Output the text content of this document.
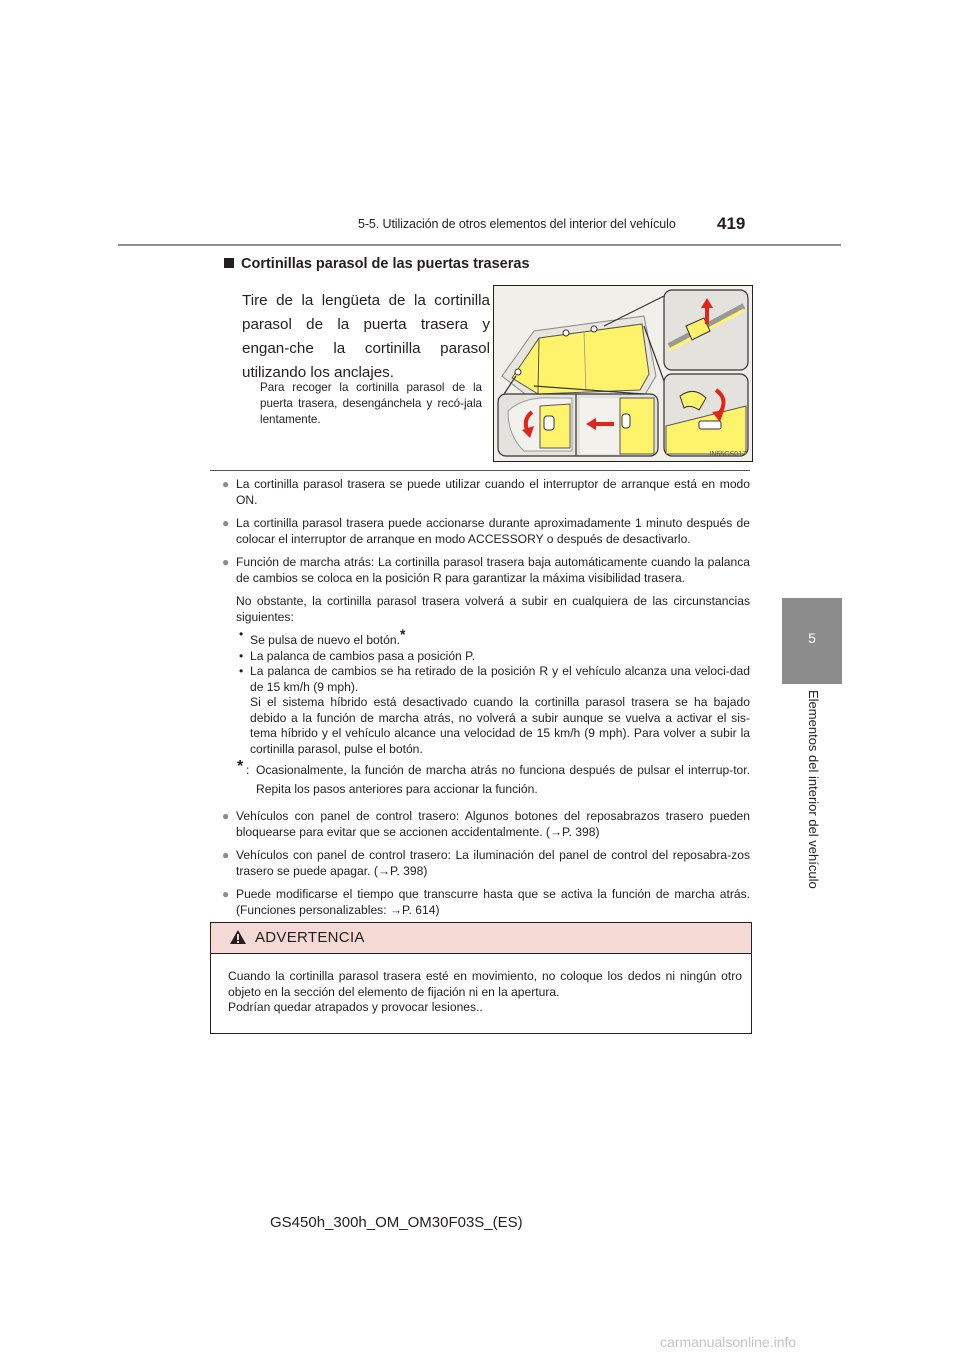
5-5. Utilización de otros elementos del interior del vehículo	419
5
Elementos del interior del vehículo
Cortinillas parasol de las puertas traseras
Tire de la lengüeta de la cortinilla parasol de la puerta trasera y engan-che la cortinilla parasol utilizando los anclajes.
Para recoger la cortinilla parasol de la puerta trasera, desengánchela y recó-jala lentamente.
IN55GS017
● La cortinilla parasol trasera se puede utilizar cuando el interruptor de arranque está en modo ON.

● La cortinilla parasol trasera puede accionarse durante aproximadamente 1 minuto después de colocar el interruptor de arranque en modo ACCESSORY o después de desactivarlo.

● Función de marcha atrás: La cortinilla parasol trasera baja automáticamente cuando la palanca de cambios se coloca en la posición R para garantizar la máxima visibilidad trasera.

No obstante, la cortinilla parasol trasera volverá a subir en cualquiera de las circunstancias siguientes:

• Se pulsa de nuevo el botón.*
• La palanca de cambios pasa a posición P.
• La palanca de cambios se ha retirado de la posición R y el vehículo alcanza una veloci-dad de 15 km/h (9 mph).
Si el sistema híbrido está desactivado cuando la cortinilla parasol trasera se ha bajado debido a la función de marcha atrás, no volverá a subir aunque se vuelva a activar el sis-tema híbrido y el vehículo alcance una velocidad de 15 km/h (9 mph). Para volver a subir la cortinilla parasol, pulse el botón.
* : Ocasionalmente, la función de marcha atrás no funciona después de pulsar el interrup-tor. Repita los pasos anteriores para accionar la función.
● Vehículos con panel de control trasero: Algunos botones del reposabrazos trasero pueden bloquearse para evitar que se accionen accidentalmente. (→P. 398)

● Vehículos con panel de control trasero: La iluminación del panel de control del reposabra-zos trasero se puede apagar. (→P. 398)

● Puede modificarse el tiempo que transcurre hasta que se activa la función de marcha atrás. (Funciones personalizables: →P. 614)

ADVERTENCIA
Cuando la cortinilla parasol trasera esté en movimiento, no coloque los dedos ni ningún otro objeto en la sección del elemento de fijación ni en la apertura.
Podrían quedar atrapados y provocar lesiones..
GS450h_300h_OM_OM30F03S_(ES)
carmanualsonline.info
